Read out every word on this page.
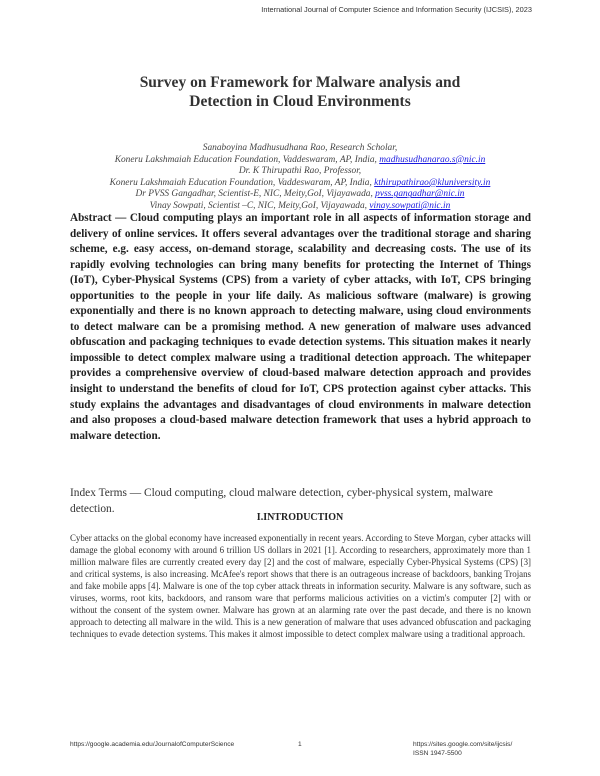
International Journal of Computer Science and Information Security (IJCSIS), 2023
Survey on Framework for Malware analysis and
Detection in Cloud Environments
Sanaboyina Madhusudhana Rao, Research Scholar,
Koneru Lakshmaiah Education Foundation, Vaddeswaram, AP, India, madhusudhanarao.s@nic.in
Dr. K Thirupathi Rao, Professor,
Koneru Lakshmaiah Education Foundation, Vaddeswaram, AP, India, kthirupathirao@kluniversity.in
Dr PVSS Gangadhar, Scientist-E, NIC, Meity,GoI, Vijayawada, pvss.gangadhar@nic.in
Vinay Sowpati, Scientist –C, NIC, Meity,GoI, Vijayawada, vinay.sowpati@nic.in
Abstract — Cloud computing plays an important role in all aspects of information storage and delivery of online services. It offers several advantages over the traditional storage and sharing scheme, e.g. easy access, on-demand storage, scalability and decreasing costs. The use of its rapidly evolving technologies can bring many benefits for protecting the Internet of Things (IoT), Cyber-Physical Systems (CPS) from a variety of cyber attacks, with IoT, CPS bringing opportunities to the people in your life daily. As malicious software (malware) is growing exponentially and there is no known approach to detecting malware, using cloud environments to detect malware can be a promising method. A new generation of malware uses advanced obfuscation and packaging techniques to evade detection systems. This situation makes it nearly impossible to detect complex malware using a traditional detection approach. The whitepaper provides a comprehensive overview of cloud-based malware detection approach and provides insight to understand the benefits of cloud for IoT, CPS protection against cyber attacks. This study explains the advantages and disadvantages of cloud environments in malware detection and also proposes a cloud-based malware detection framework that uses a hybrid approach to malware detection.
Index Terms — Cloud computing, cloud malware detection, cyber-physical system, malware detection.
I.INTRODUCTION
Cyber attacks on the global economy have increased exponentially in recent years. According to Steve Morgan, cyber attacks will damage the global economy with around 6 trillion US dollars in 2021 [1]. According to researchers, approximately more than 1 million malware files are currently created every day [2] and the cost of malware, especially Cyber-Physical Systems (CPS) [3] and critical systems, is also increasing. McAfee's report shows that there is an outrageous increase of backdoors, banking Trojans and fake mobile apps [4]. Malware is one of the top cyber attack threats in information security. Malware is any software, such as viruses, worms, root kits, backdoors, and ransom ware that performs malicious activities on a victim's computer [2] with or without the consent of the system owner. Malware has grown at an alarming rate over the past decade, and there is no known approach to detecting all malware in the wild. This is a new generation of malware that uses advanced obfuscation and packaging techniques to evade detection systems. This makes it almost impossible to detect complex malware using a traditional approach.
https://google.academia.edu/JournalofComputerScience	1	https://sites.google.com/site/ijcsis/
ISSN 1947-5500
